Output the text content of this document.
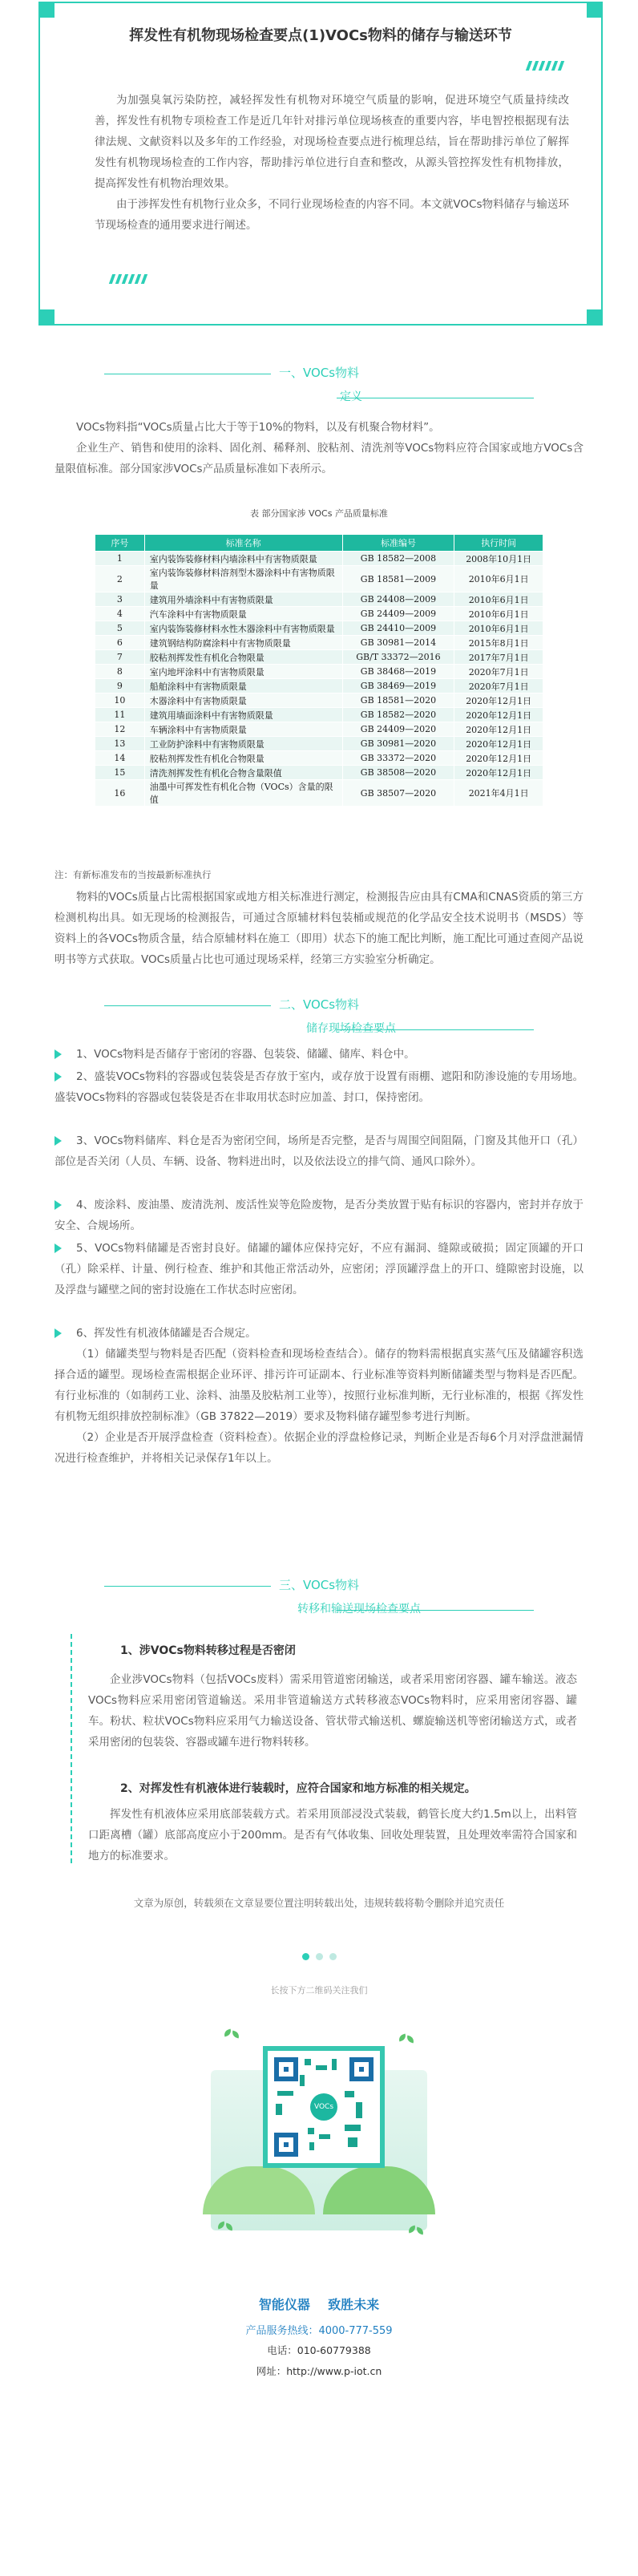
挥发性有机物现场检查要点(1)VOCs物料的储存与输送环节

为加强臭氧污染防控，减轻挥发性有机物对环境空气质量的影响，促进环境空气质量持续改善，挥发性有机物专项检查工作是近几年针对排污单位现场核查的重要内容，毕电智控根据现有法律法规、文献资料以及多年的工作经验，对现场检查要点进行梳理总结，旨在帮助排污单位了解挥发性有机物现场检查的工作内容，帮助排污单位进行自查和整改，从源头管控挥发性有机物排放，提高挥发性有机物治理效果。

由于涉挥发性有机物行业众多，不同行业现场检查的内容不同。本文就VOCs物料储存与输送环节现场检查的通用要求进行阐述。

一、VOCs物料
定义

VOCs物料指“VOCs质量占比大于等于10%的物料，以及有机聚合物材料”。

企业生产、销售和使用的涂料、固化剂、稀释剂、胶粘剂、清洗剂等VOCs物料应符合国家或地方VOCs含量限值标准。部分国家涉VOCs产品质量标准如下表所示。

表 部分国家涉 VOCs 产品质量标准
序号	标准名称	标准编号	执行时间
1	室内装饰装修材料内墙涂料中有害物质限量	GB 18582—2008	2008年10月1日
2	室内装饰装修材料溶剂型木器涂料中有害物质限量	GB 18581—2009	2010年6月1日
3	建筑用外墙涂料中有害物质限量	GB 24408—2009	2010年6月1日
4	汽车涂料中有害物质限量	GB 24409—2009	2010年6月1日
5	室内装饰装修材料水性木器涂料中有害物质限量	GB 24410—2009	2010年6月1日
6	建筑钢结构防腐涂料中有害物质限量	GB 30981—2014	2015年8月1日
7	胶粘剂挥发性有机化合物限量	GB/T 33372—2016	2017年7月1日
8	室内地坪涂料中有害物质限量	GB 38468—2019	2020年7月1日
9	船舶涂料中有害物质限量	GB 38469—2019	2020年7月1日
10	木器涂料中有害物质限量	GB 18581—2020	2020年12月1日
11	建筑用墙面涂料中有害物质限量	GB 18582—2020	2020年12月1日
12	车辆涂料中有害物质限量	GB 24409—2020	2020年12月1日
13	工业防护涂料中有害物质限量	GB 30981—2020	2020年12月1日
14	胶粘剂挥发性有机化合物限量	GB 33372—2020	2020年12月1日
15	清洗剂挥发性有机化合物含量限值	GB 38508—2020	2020年12月1日
16	油墨中可挥发性有机化合物（VOCs）含量的限值	GB 38507—2020	2021年4月1日
注：有新标准发布的当按最新标准执行

物料的VOCs质量占比需根据国家或地方相关标准进行测定，检测报告应由具有CMA和CNAS资质的第三方检测机构出具。如无现场的检测报告，可通过含原辅材料包装桶或规范的化学品安全技术说明书（MSDS）等资料上的各VOCs物质含量，结合原辅材料在施工（即用）状态下的施工配比判断，施工配比可通过查阅产品说明书等方式获取。VOCs质量占比也可通过现场采样，经第三方实验室分析确定。

二、VOCs物料
储存现场检查要点

1、VOCs物料是否储存于密闭的容器、包装袋、储罐、储库、料仓中。

2、盛装VOCs物料的容器或包装袋是否存放于室内，或存放于设置有雨棚、遮阳和防渗设施的专用场地。盛装VOCs物料的容器或包装袋是否在非取用状态时应加盖、封口，保持密闭。

3、VOCs物料储库、料仓是否为密闭空间，场所是否完整，是否与周围空间阻隔，门窗及其他开口（孔）部位是否关闭（人员、车辆、设备、物料进出时，以及依法设立的排气筒、通风口除外）。

4、废涂料、废油墨、废清洗剂、废活性炭等危险废物，是否分类放置于贴有标识的容器内，密封并存放于安全、合规场所。

5、VOCs物料储罐是否密封良好。储罐的罐体应保持完好，不应有漏洞、缝隙或破损；固定顶罐的开口（孔）除采样、计量、例行检查、维护和其他正常活动外，应密闭；浮顶罐浮盘上的开口、缝隙密封设施，以及浮盘与罐壁之间的密封设施在工作状态时应密闭。

6、挥发性有机液体储罐是否合规定。

（1）储罐类型与物料是否匹配（资料检查和现场检查结合）。储存的物料需根据真实蒸气压及储罐容积选择合适的罐型。现场检查需根据企业环评、排污许可证副本、行业标准等资料判断储罐类型与物料是否匹配。有行业标准的（如制药工业、涂料、油墨及胶粘剂工业等），按照行业标准判断，无行业标准的，根据《挥发性有机物无组织排放控制标准》（GB 37822—2019）要求及物料储存罐型参考进行判断。

（2）企业是否开展浮盘检查（资料检查）。依据企业的浮盘检修记录，判断企业是否每6个月对浮盘泄漏情况进行检查维护，并将相关记录保存1年以上。

三、VOCs物料
转移和输送现场检查要点
1、涉VOCs物料转移过程是否密闭

企业涉VOCs物料（包括VOCs废料）需采用管道密闭输送，或者采用密闭容器、罐车输送。液态VOCs物料应采用密闭管道输送。采用非管道输送方式转移液态VOCs物料时，应采用密闭容器、罐车。粉状、粒状VOCs物料应采用气力输送设备、管状带式输送机、螺旋输送机等密闭输送方式，或者采用密闭的包装袋、容器或罐车进行物料转移。

2、对挥发性有机液体进行装载时，应符合国家和地方标准的相关规定。

挥发性有机液体应采用底部装载方式。若采用顶部浸没式装载，鹤管长度大约1.5m以上，出料管口距离槽（罐）底部高度应小于200mm。是否有气体收集、回收处理装置，且处理效率需符合国家和地方的标准要求。

文章为原创，转载须在文章显要位置注明转载出处，违规转载将勒令删除并追究责任
长按下方二维码关注我们
VOCs
智能仪器 致胜未来
产品服务热线：4000-777-559
电话：010-60779388
网址：http://www.p-iot.cn
